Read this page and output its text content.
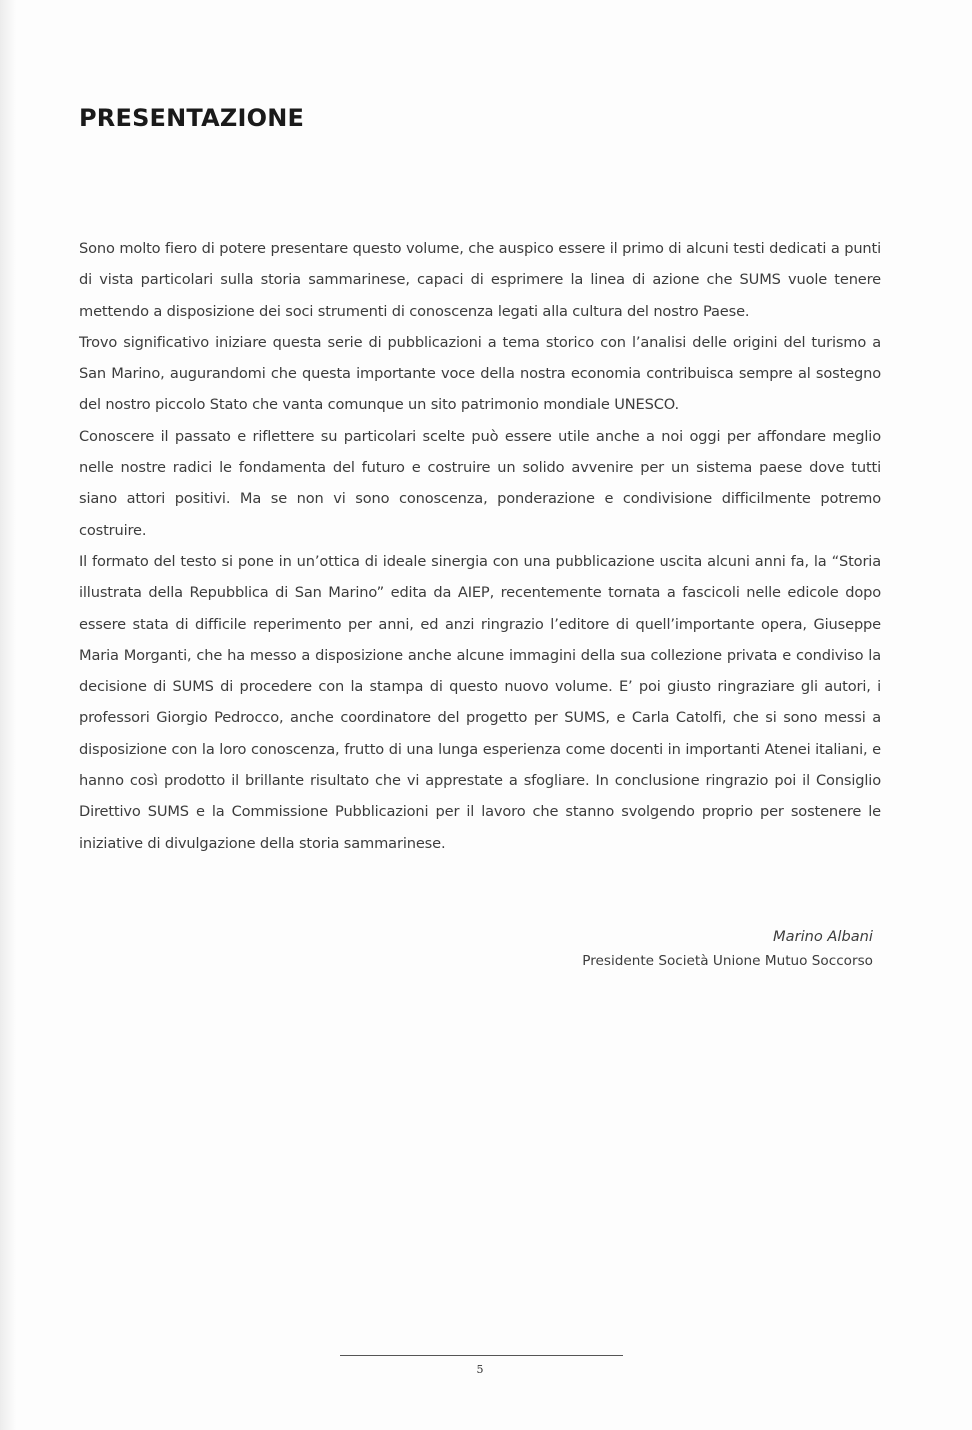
PRESENTAZIONE

Sono molto fiero di potere presentare questo volume, che auspico essere il primo di alcuni testi dedicati a punti di vista particolari sulla storia sammarinese, capaci di esprimere la linea di azione che SUMS vuole tenere mettendo a disposizione dei soci strumenti di conoscenza legati alla cultura del nostro Paese.

Trovo significativo iniziare questa serie di pubblicazioni a tema storico con l’analisi delle origini del turismo a San Marino, augurandomi che questa importante voce della nostra economia contribuisca sempre al sostegno del nostro piccolo Stato che vanta comunque un sito patrimonio mondiale UNESCO.

Conoscere il passato e riflettere su particolari scelte può essere utile anche a noi oggi per affondare meglio nelle nostre radici le fondamenta del futuro e costruire un solido avvenire per un sistema paese dove tutti siano attori positivi. Ma se non vi sono conoscenza, ponderazione e condivisione difficilmente potremo costruire.

Il formato del testo si pone in un’ottica di ideale sinergia con una pubblicazione uscita alcuni anni fa, la “Storia illustrata della Repubblica di San Marino” edita da AIEP, recentemente tornata a fascicoli nelle edicole dopo essere stata di difficile reperimento per anni, ed anzi ringrazio l’editore di quell’importante opera, Giuseppe Maria Morganti, che ha messo a disposizione anche alcune immagini della sua collezione privata e condiviso la decisione di SUMS di procedere con la stampa di questo nuovo volume. E’ poi giusto ringraziare gli autori, i professori Giorgio Pedrocco, anche coordinatore del progetto per SUMS, e Carla Catolfi, che si sono messi a disposizione con la loro conoscenza, frutto di una lunga esperienza come docenti in importanti Atenei italiani, e hanno così prodotto il brillante risultato che vi apprestate a sfogliare. In conclusione ringrazio poi il Consiglio Direttivo SUMS e la Commissione Pubblicazioni per il lavoro che stanno svolgendo proprio per sostenere le iniziative di divulgazione della storia sammarinese.

Marino Albani
Presidente Società Unione Mutuo Soccorso
5
